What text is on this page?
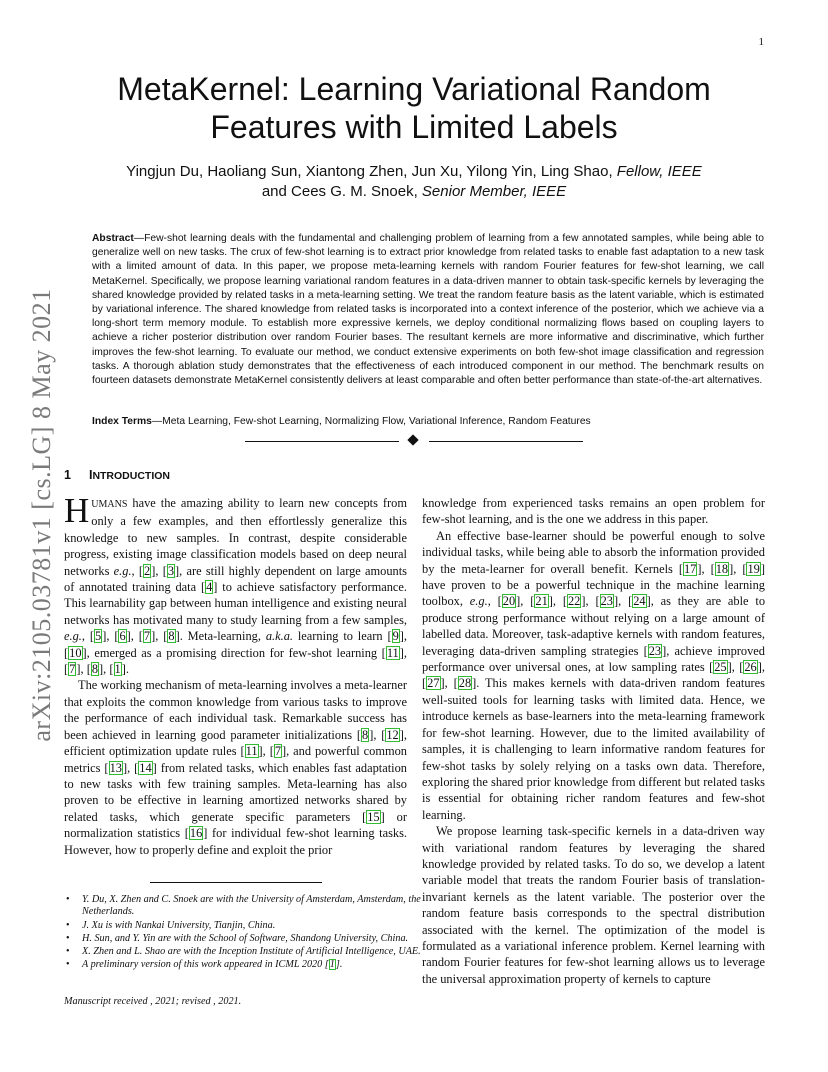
1
arXiv:2105.03781v1 [cs.LG] 8 May 2021
MetaKernel: Learning Variational Random Features with Limited Labels
Yingjun Du, Haoliang Sun, Xiantong Zhen, Jun Xu, Yilong Yin, Ling Shao, Fellow, IEEE
and Cees G. M. Snoek, Senior Member, IEEE
Abstract—Few-shot learning deals with the fundamental and challenging problem of learning from a few annotated samples, while being able to generalize well on new tasks. The crux of few-shot learning is to extract prior knowledge from related tasks to enable fast adaptation to a new task with a limited amount of data. In this paper, we propose meta-learning kernels with random Fourier features for few-shot learning, we call MetaKernel. Specifically, we propose learning variational random features in a data-driven manner to obtain task-specific kernels by leveraging the shared knowledge provided by related tasks in a meta-learning setting. We treat the random feature basis as the latent variable, which is estimated by variational inference. The shared knowledge from related tasks is incorporated into a context inference of the posterior, which we achieve via a long-short term memory module. To establish more expressive kernels, we deploy conditional normalizing flows based on coupling layers to achieve a richer posterior distribution over random Fourier bases. The resultant kernels are more informative and discriminative, which further improves the few-shot learning. To evaluate our method, we conduct extensive experiments on both few-shot image classification and regression tasks. A thorough ablation study demonstrates that the effectiveness of each introduced component in our method. The benchmark results on fourteen datasets demonstrate MetaKernel consistently delivers at least comparable and often better performance than state-of-the-art alternatives.
Index Terms—Meta Learning, Few-shot Learning, Normalizing Flow, Variational Inference, Random Features
1 INTRODUCTION

HUMANS have the amazing ability to learn new concepts from only a few examples, and then effortlessly generalize this knowledge to new samples. In contrast, despite considerable progress, existing image classification models based on deep neural networks e.g., [2], [3], are still highly dependent on large amounts of annotated training data [4] to achieve satisfactory performance. This learnability gap between human intelligence and existing neural networks has motivated many to study learning from a few samples, e.g., [5], [6], [7], [8]. Meta-learning, a.k.a. learning to learn [9], [10], emerged as a promising direction for few-shot learning [11], [7], [8], [1].

The working mechanism of meta-learning involves a meta-learner that exploits the common knowledge from various tasks to improve the performance of each individual task. Remarkable success has been achieved in learning good parameter initializations [8], [12], efficient optimization update rules [11], [7], and powerful common metrics [13], [14] from related tasks, which enables fast adaptation to new tasks with few training samples. Meta-learning has also proven to be effective in learning amortized networks shared by related tasks, which generate specific parameters [15] or normalization statistics [16] for individual few-shot learning tasks. However, how to properly define and exploit the prior

knowledge from experienced tasks remains an open problem for few-shot learning, and is the one we address in this paper.

An effective base-learner should be powerful enough to solve individual tasks, while being able to absorb the information provided by the meta-learner for overall benefit. Kernels [17], [18], [19] have proven to be a powerful technique in the machine learning toolbox, e.g., [20], [21], [22], [23], [24], as they are able to produce strong performance without relying on a large amount of labelled data. Moreover, task-adaptive kernels with random features, leveraging data-driven sampling strategies [23], achieve improved performance over universal ones, at low sampling rates [25], [26], [27], [28]. This makes kernels with data-driven random features well-suited tools for learning tasks with limited data. Hence, we introduce kernels as base-learners into the meta-learning framework for few-shot learning. However, due to the limited availability of samples, it is challenging to learn informative random features for few-shot tasks by solely relying on a tasks own data. Therefore, exploring the shared prior knowledge from different but related tasks is essential for obtaining richer random features and few-shot learning.

We propose learning task-specific kernels in a data-driven way with variational random features by leveraging the shared knowledge provided by related tasks. To do so, we develop a latent variable model that treats the random Fourier basis of translation-invariant kernels as the latent variable. The posterior over the random feature basis corresponds to the spectral distribution associated with the kernel. The optimization of the model is formulated as a variational inference problem. Kernel learning with random Fourier features for few-shot learning allows us to leverage the universal approximation property of kernels to capture

• Y. Du, X. Zhen and C. Snoek are with the University of Amsterdam, Amsterdam, the Netherlands.
• J. Xu is with Nankai University, Tianjin, China.
• H. Sun, and Y. Yin are with the School of Software, Shandong University, China.
• X. Zhen and L. Shao are with the Inception Institute of Artificial Intelligence, UAE.
• A preliminary version of this work appeared in ICML 2020 [1].
Manuscript received , 2021; revised , 2021.
